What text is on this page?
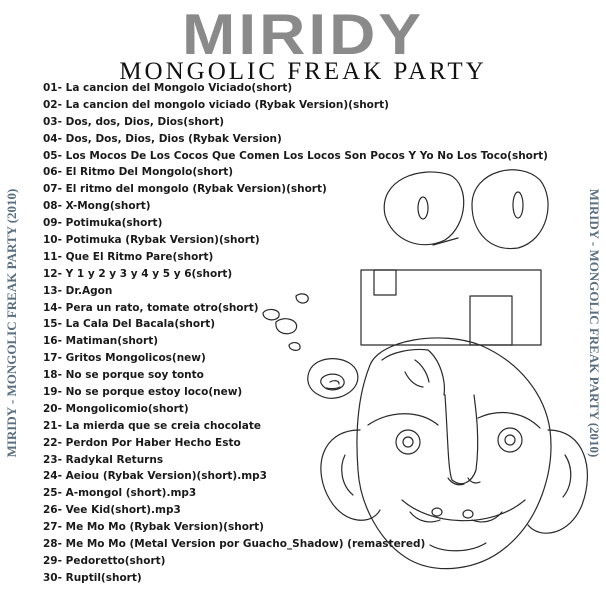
MIRIDY
MONGOLIC FREAK PARTY
MIRIDY - MONGOLIC FREAK PARTY (2010)	MIRIDY - MONGOLIC FREAK PARTY (2010)
01- La cancion del Mongolo Viciado(short)
02- La cancion del mongolo viciado (Rybak Version)(short)
03- Dos, dos, Dios, Dios(short)
04- Dos, Dos, Dios, Dios (Rybak Version)
05- Los Mocos De Los Cocos Que Comen Los Locos Son Pocos Y Yo No Los Toco(short)
06- El Ritmo Del Mongolo(short)
07- El ritmo del mongolo (Rybak Version)(short)
08- X-Mong(short)
09- Potimuka(short)
10- Potimuka (Rybak Version)(short)
11- Que El Ritmo Pare(short)
12- Y 1 y 2 y 3 y 4 y 5 y 6(short)
13- Dr.Agon
14- Pera un rato, tomate otro(short)
15- La Cala Del Bacala(short)
16- Matiman(short)
17- Gritos Mongolicos(new)
18- No se porque soy tonto
19- No se porque estoy loco(new)
20- Mongolicomio(short)
21- La mierda que se creia chocolate
22- Perdon Por Haber Hecho Esto
23- Radykal Returns
24- Aeiou (Rybak Version)(short).mp3
25- A-mongol (short).mp3
26- Vee Kid(short).mp3
27- Me Mo Mo (Rybak Version)(short)
28- Me Mo Mo (Metal Version por Guacho_Shadow) (remastered)
29- Pedoretto(short)
30- Ruptil(short)
